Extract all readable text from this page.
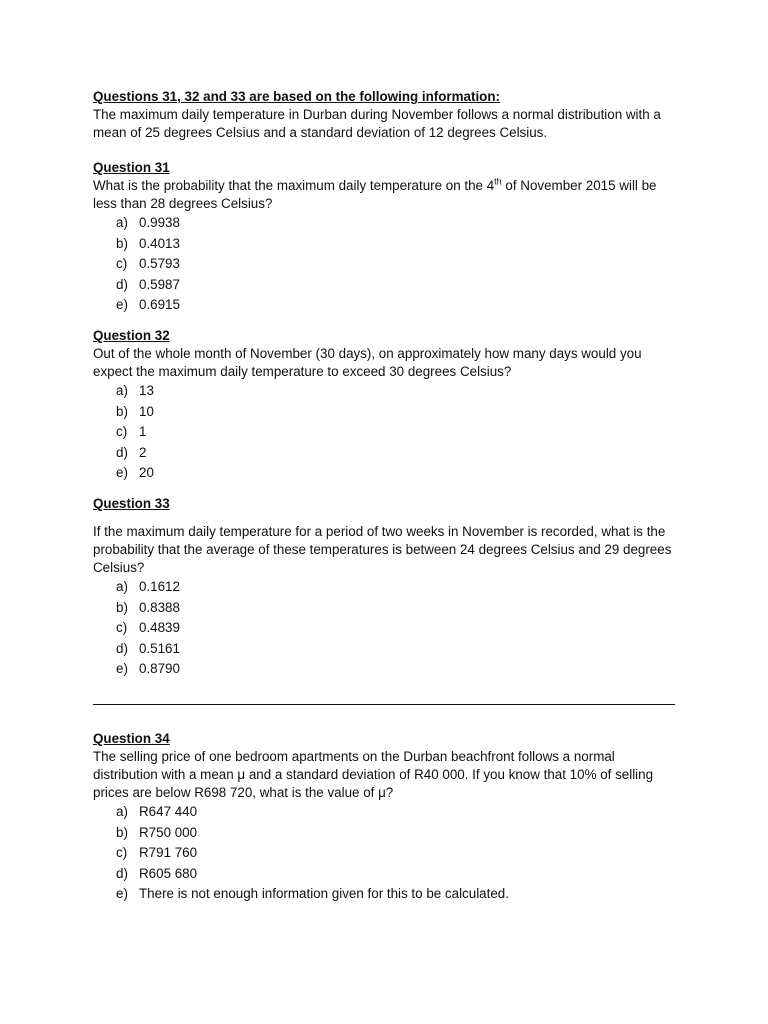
Questions 31, 32 and 33 are based on the following information:

The maximum daily temperature in Durban during November follows a normal distribution with a mean of 25 degrees Celsius and a standard deviation of 12 degrees Celsius.

Question 31

What is the probability that the maximum daily temperature on the 4th of November 2015 will be less than 28 degrees Celsius?

a) 0.9938
b) 0.4013
c) 0.5793
d) 0.5987
e) 0.6915
Question 32

Out of the whole month of November (30 days), on approximately how many days would you expect the maximum daily temperature to exceed 30 degrees Celsius?

a) 13
b) 10
c) 1
d) 2
e) 20
Question 33

If the maximum daily temperature for a period of two weeks in November is recorded, what is the probability that the average of these temperatures is between 24 degrees Celsius and 29 degrees Celsius?

a) 0.1612
b) 0.8388
c) 0.4839
d) 0.5161
e) 0.8790
Question 34

The selling price of one bedroom apartments on the Durban beachfront follows a normal distribution with a mean μ and a standard deviation of R40 000. If you know that 10% of selling prices are below R698 720, what is the value of μ?

a) R647 440
b) R750 000
c) R791 760
d) R605 680
e) There is not enough information given for this to be calculated.
